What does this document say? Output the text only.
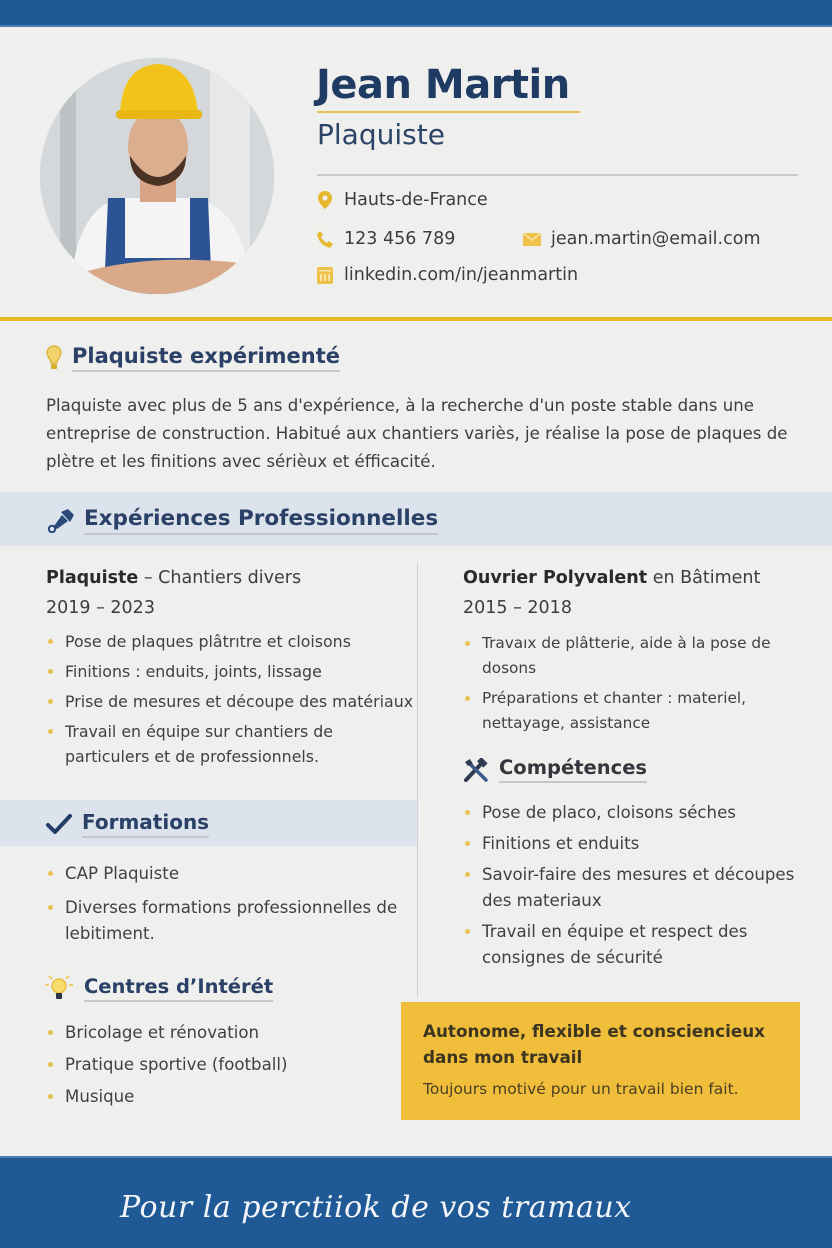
Jean Martin
Plaquiste
Hauts-de-France
123 456 789	jean.martin@email.com
linkedin.com/in/jeanmartin
Plaquiste expérimenté

Plaquiste avec plus de 5 ans d'expérience, à la recherche d'un poste stable dans une entreprise de construction. Habitué aux chantiers variès, je réalise la pose de plaques de plètre et les finitions avec sérièux et éfficacité.

Expériences Professionnelles
Plaquiste – Chantiers divers
2019 – 2023
Pose de plaques plâtrıtre et cloisons
Finitions : enduits, joints, lissage
Prise de mesures et découpe des matériaux
Travail en équipe sur chantiers de particulers et de professionnels.
Ouvrier Polyvalent en Bâtiment
2015 – 2018
Travaıx de plâtterie, aide à la pose de dosons
Préparations et chanter : materiel, nettayage, assistance
Formations
CAP Plaquiste
Diverses formations professionnelles de lebitiment.
Compétences
Pose de placo, cloisons séches
Finitions et enduits
Savoir-faire des mesures et découpes des materiaux
Travail en équipe et respect des consignes de sécurité
Centres d’Intérét
Bricolage et rénovation
Pratique sportive (football)
Musique
Autonome, flexible et consciencieux dans mon travail
Toujours motivé pour un travail bien fait.
Pour la perctiiok de vos tramaux
